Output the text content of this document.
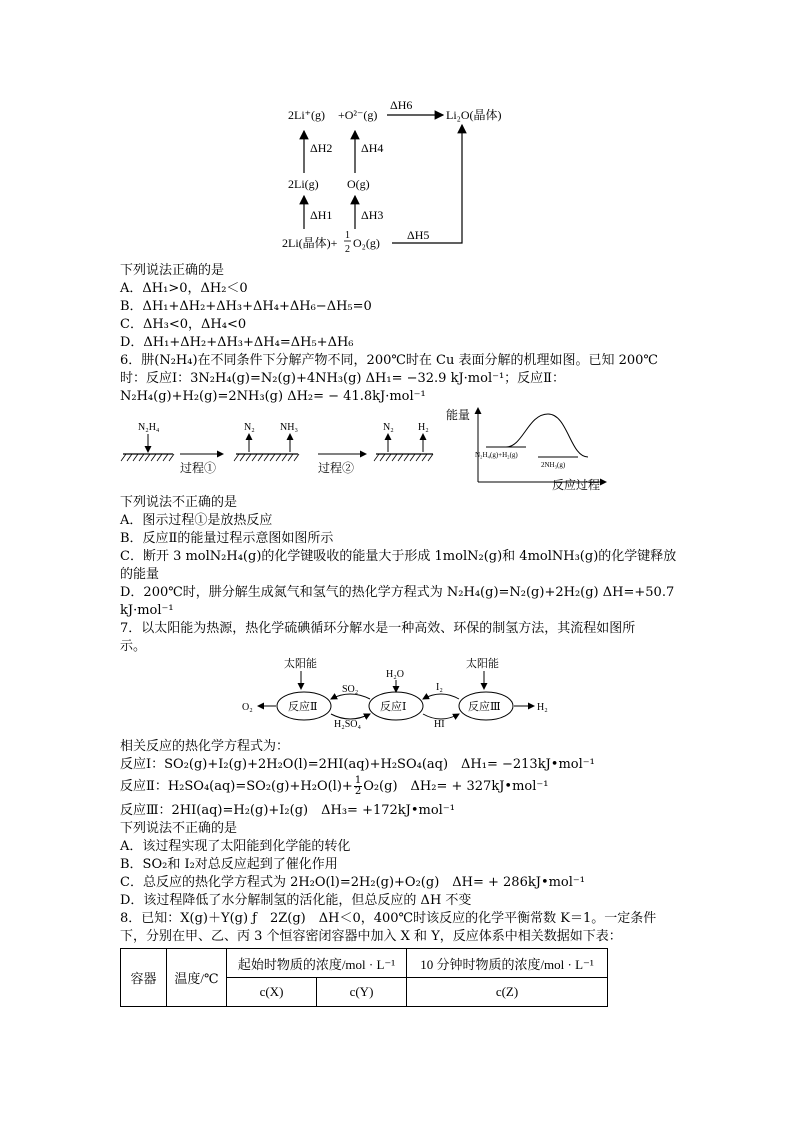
2Li⁺(g) +O²⁻(g)
ΔH6
Li₂O(晶体)
ΔH2 ΔH4
2Li(g) O(g)
ΔH1 ΔH3
2Li(晶体)+
1
2 O₂(g)
ΔH5
下列说法正确的是
A．ΔH₁>0，ΔH₂＜0
B．ΔH₁+ΔH₂+ΔH₃+ΔH₄+ΔH₆−ΔH₅=0
C．ΔH₃<0，ΔH₄<0
D．ΔH₁+ΔH₂+ΔH₃+ΔH₄=ΔH₅+ΔH₆
6．肼(N₂H₄)在不同条件下分解产物不同，200℃时在 Cu 表面分解的机理如图。已知 200℃
时：反应Ⅰ：3N₂H₄(g)=N₂(g)+4NH₃(g) ΔH₁= −32.9 kJ·mol⁻¹；反应Ⅱ：
N₂H₄(g)+H₂(g)=2NH₃(g) ΔH₂= − 41.8kJ·mol⁻¹
N₂H₄
过程①
N₂	NH₃
过程②
N₂ H₂
能量
N₂H₄(g)+H₂(g)
2NH₃(g)
反应过程
下列说法不正确的是
A．图示过程①是放热反应
B．反应Ⅱ的能量过程示意图如图所示
C．断开 3 molN₂H₄(g)的化学键吸收的能量大于形成 1molN₂(g)和 4molNH₃(g)的化学键释放
的能量
D．200℃时，肼分解生成氮气和氢气的热化学方程式为 N₂H₄(g)=N₂(g)+2H₂(g) ΔH=+50.7
kJ·mol⁻¹
7．以太阳能为热源，热化学硫碘循环分解水是一种高效、环保的制氢方法，其流程如图所
示。
太阳能	太阳能
H₂O
反应Ⅱ	反应Ⅰ	反应Ⅲ
O₂	H₂
SO₂
H₂SO₄
I₂
HI
相关反应的热化学方程式为：
反应Ⅰ：SO₂(g)+I₂(g)+2H₂O(l)=2HI(aq)+H₂SO₄(aq)　ΔH₁= −213kJ•mol⁻¹
反应Ⅱ：$H_2SO_4(aq)=SO_2(g)+H_2O(l)+ \frac{1}{2} O_2(g)$　ΔH₂= + 327kJ•mol⁻¹
反应Ⅲ：2HI(aq)=H₂(g)+I₂(g)　ΔH₃= +172kJ•mol⁻¹
下列说法不正确的是
A．该过程实现了太阳能到化学能的转化
B．SO₂和 I₂对总反应起到了催化作用
C．总反应的热化学方程式为 2H₂O(l)=2H₂(g)+O₂(g)　ΔH= + 286kJ•mol⁻¹
D．该过程降低了水分解制氢的活化能，但总反应的 ΔH 不变
8．已知：X(g)＋Y(g) ƒ　2Z(g)　ΔH＜0，400℃时该反应的化学平衡常数 K＝1。一定条件
下，分别在甲、乙、丙 3 个恒容密闭容器中加入 X 和 Y，反应体系中相关数据如下表：
容器	温度/℃	起始时物质的浓度/mol · L⁻¹		10 分钟时物质的浓度/mol · L⁻¹
		c(X)	c(Y)	c(Z)
